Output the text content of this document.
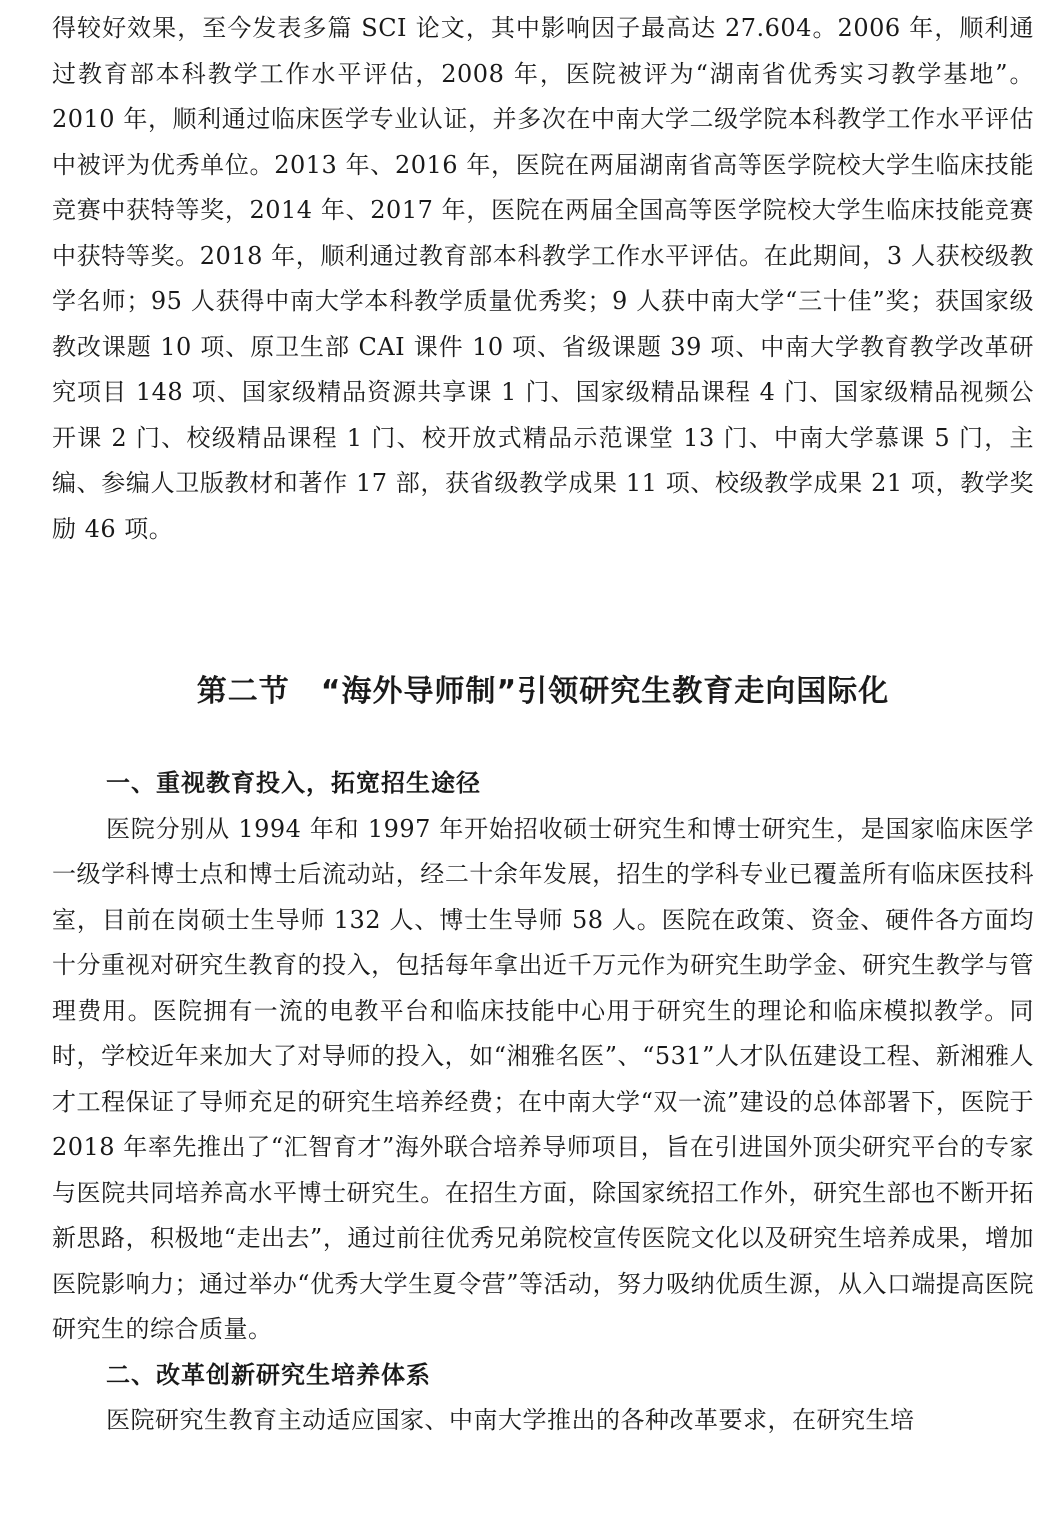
得较好效果，至今发表多篇 SCI 论文，其中影响因子最高达 27.604。2006 年，顺利通过教育部本科教学工作水平评估，2008 年，医院被评为“湖南省优秀实习教学基地”。2010 年，顺利通过临床医学专业认证，并多次在中南大学二级学院本科教学工作水平评估中被评为优秀单位。2013 年、2016 年，医院在两届湖南省高等医学院校大学生临床技能竞赛中获特等奖，2014 年、2017 年，医院在两届全国高等医学院校大学生临床技能竞赛中获特等奖。2018 年，顺利通过教育部本科教学工作水平评估。在此期间，3 人获校级教学名师；95 人获得中南大学本科教学质量优秀奖；9 人获中南大学“三十佳”奖；获国家级教改课题 10 项、原卫生部 CAI 课件 10 项、省级课题 39 项、中南大学教育教学改革研究项目 148 项、国家级精品资源共享课 1 门、国家级精品课程 4 门、国家级精品视频公开课 2 门、校级精品课程 1 门、校开放式精品示范课堂 13 门、中南大学慕课 5 门，主编、参编人卫版教材和著作 17 部，获省级教学成果 11 项、校级教学成果 21 项，教学奖励 46 项。

第二节　“海外导师制”引领研究生教育走向国际化
一、重视教育投入，拓宽招生途径

医院分别从 1994 年和 1997 年开始招收硕士研究生和博士研究生，是国家临床医学一级学科博士点和博士后流动站，经二十余年发展，招生的学科专业已覆盖所有临床医技科室，目前在岗硕士生导师 132 人、博士生导师 58 人。医院在政策、资金、硬件各方面均十分重视对研究生教育的投入，包括每年拿出近千万元作为研究生助学金、研究生教学与管理费用。医院拥有一流的电教平台和临床技能中心用于研究生的理论和临床模拟教学。同时，学校近年来加大了对导师的投入，如“湘雅名医”、“531”人才队伍建设工程、新湘雅人才工程保证了导师充足的研究生培养经费；在中南大学“双一流”建设的总体部署下，医院于 2018 年率先推出了“汇智育才”海外联合培养导师项目，旨在引进国外顶尖研究平台的专家与医院共同培养高水平博士研究生。在招生方面，除国家统招工作外，研究生部也不断开拓新思路，积极地“走出去”，通过前往优秀兄弟院校宣传医院文化以及研究生培养成果，增加医院影响力；通过举办“优秀大学生夏令营”等活动，努力吸纳优质生源，从入口端提高医院研究生的综合质量。

二、改革创新研究生培养体系

医院研究生教育主动适应国家、中南大学推出的各种改革要求，在研究生培
